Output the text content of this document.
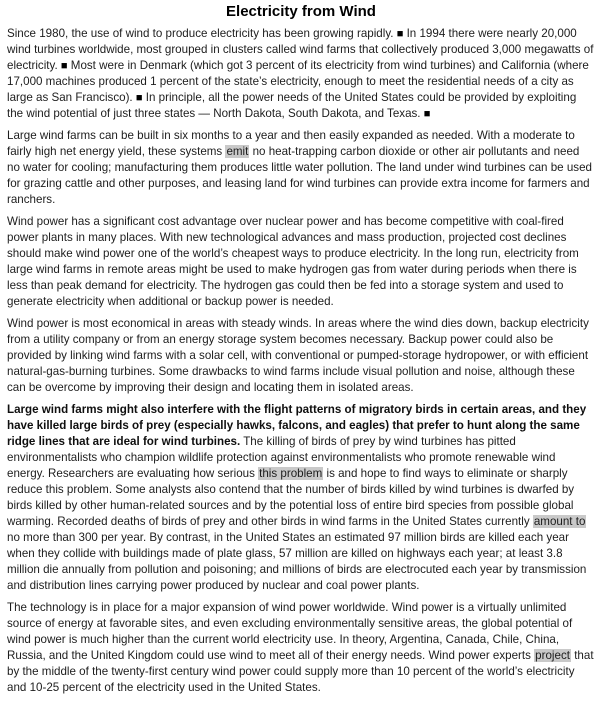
Electricity from Wind

Since 1980, the use of wind to produce electricity has been growing rapidly. ■ In 1994 there were nearly 20,000 wind turbines worldwide, most grouped in clusters called wind farms that collectively produced 3,000 megawatts of electricity. ■ Most were in Denmark (which got 3 percent of its electricity from wind turbines) and California (where 17,000 machines produced 1 percent of the state’s electricity, enough to meet the residential needs of a city as large as San Francisco). ■ In principle, all the power needs of the United States could be provided by exploiting the wind potential of just three states — North Dakota, South Dakota, and Texas. ■

Large wind farms can be built in six months to a year and then easily expanded as needed. With a moderate to fairly high net energy yield, these systems emit no heat-trapping carbon dioxide or other air pollutants and need no water for cooling; manufacturing them produces little water pollution. The land under wind turbines can be used for grazing cattle and other purposes, and leasing land for wind turbines can provide extra income for farmers and ranchers.

Wind power has a significant cost advantage over nuclear power and has become competitive with coal-fired power plants in many places. With new technological advances and mass production, projected cost declines should make wind power one of the world’s cheapest ways to produce electricity. In the long run, electricity from large wind farms in remote areas might be used to make hydrogen gas from water during periods when there is less than peak demand for electricity. The hydrogen gas could then be fed into a storage system and used to generate electricity when additional or backup power is needed.

Wind power is most economical in areas with steady winds. In areas where the wind dies down, backup electricity from a utility company or from an energy storage system becomes necessary. Backup power could also be provided by linking wind farms with a solar cell, with conventional or pumped-storage hydropower, or with efficient natural-gas-burning turbines. Some drawbacks to wind farms include visual pollution and noise, although these can be overcome by improving their design and locating them in isolated areas.

Large wind farms might also interfere with the flight patterns of migratory birds in certain areas, and they have killed large birds of prey (especially hawks, falcons, and eagles) that prefer to hunt along the same ridge lines that are ideal for wind turbines. The killing of birds of prey by wind turbines has pitted environmentalists who champion wildlife protection against environmentalists who promote renewable wind energy. Researchers are evaluating how serious this problem is and hope to find ways to eliminate or sharply reduce this problem. Some analysts also contend that the number of birds killed by wind turbines is dwarfed by birds killed by other human-related sources and by the potential loss of entire bird species from possible global warming. Recorded deaths of birds of prey and other birds in wind farms in the United States currently amount to no more than 300 per year. By contrast, in the United States an estimated 97 million birds are killed each year when they collide with buildings made of plate glass, 57 million are killed on highways each year; at least 3.8 million die annually from pollution and poisoning; and millions of birds are electrocuted each year by transmission and distribution lines carrying power produced by nuclear and coal power plants.

The technology is in place for a major expansion of wind power worldwide. Wind power is a virtually unlimited source of energy at favorable sites, and even excluding environmentally sensitive areas, the global potential of wind power is much higher than the current world electricity use. In theory, Argentina, Canada, Chile, China, Russia, and the United Kingdom could use wind to meet all of their energy needs. Wind power experts project that by the middle of the twenty-first century wind power could supply more than 10 percent of the world’s electricity and 10-25 percent of the electricity used in the United States.
